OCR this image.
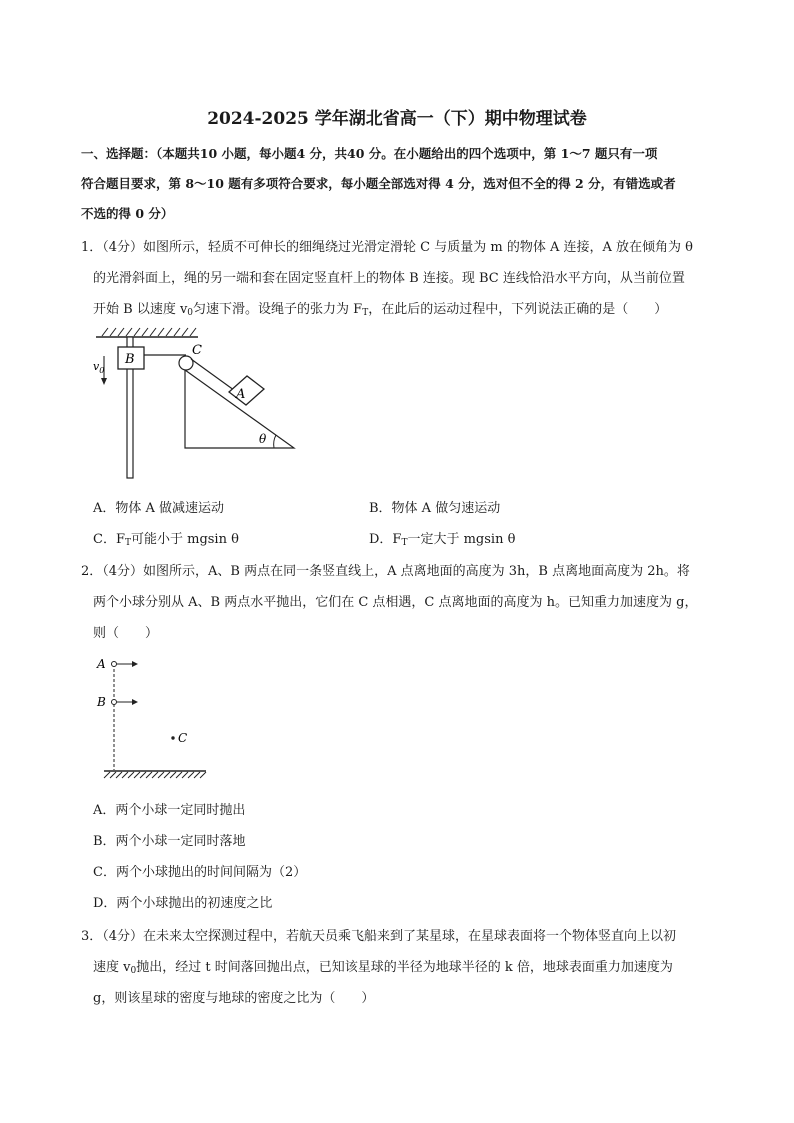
2024-2025 学年湖北省高一（下）期中物理试卷
一、选择题：（本题共10 小题，每小题4 分，共40 分。在小题给出的四个选项中，第 1～7 题只有一项
符合题目要求，第 8～10 题有多项符合要求，每小题全部选对得 4 分，选对但不全的得 2 分，有错选或者
不选的得 0 分）
1．（4分）如图所示，轻质不可伸长的细绳绕过光滑定滑轮 C 与质量为 m 的物体 A 连接，A 放在倾角为 θ
的光滑斜面上，绳的另一端和套在固定竖直杆上的物体 B 连接。现 BC 连线恰沿水平方向，从当前位置
开始 B 以速度 $v_0$匀速下滑。设绳子的张力为 $F_T$，在此后的运动过程中，下列说法正确的是（　　）
B
$v_0$
C
A
θ
A．物体 A 做减速运动	B．物体 A 做匀速运动
C．$F_T$可能小于 mgsin θ	D．$F_T$一定大于 mgsin θ
2．（4分）如图所示，A、B 两点在同一条竖直线上，A 点离地面的高度为 3h，B 点离地面高度为 2h。将
两个小球分别从 A、B 两点水平抛出，它们在 C 点相遇，C 点离地面的高度为 h。已知重力加速度为 g，
则（　　）
A
B
C
A．两个小球一定同时抛出
B．两个小球一定同时落地
C．两个小球抛出的时间间隔为（2）
D．两个小球抛出的初速度之比
3．（4分）在未来太空探测过程中，若航天员乘飞船来到了某星球，在星球表面将一个物体竖直向上以初
速度 $v_0$抛出，经过 t 时间落回抛出点，已知该星球的半径为地球半径的 k 倍，地球表面重力加速度为
g，则该星球的密度与地球的密度之比为（　　）
